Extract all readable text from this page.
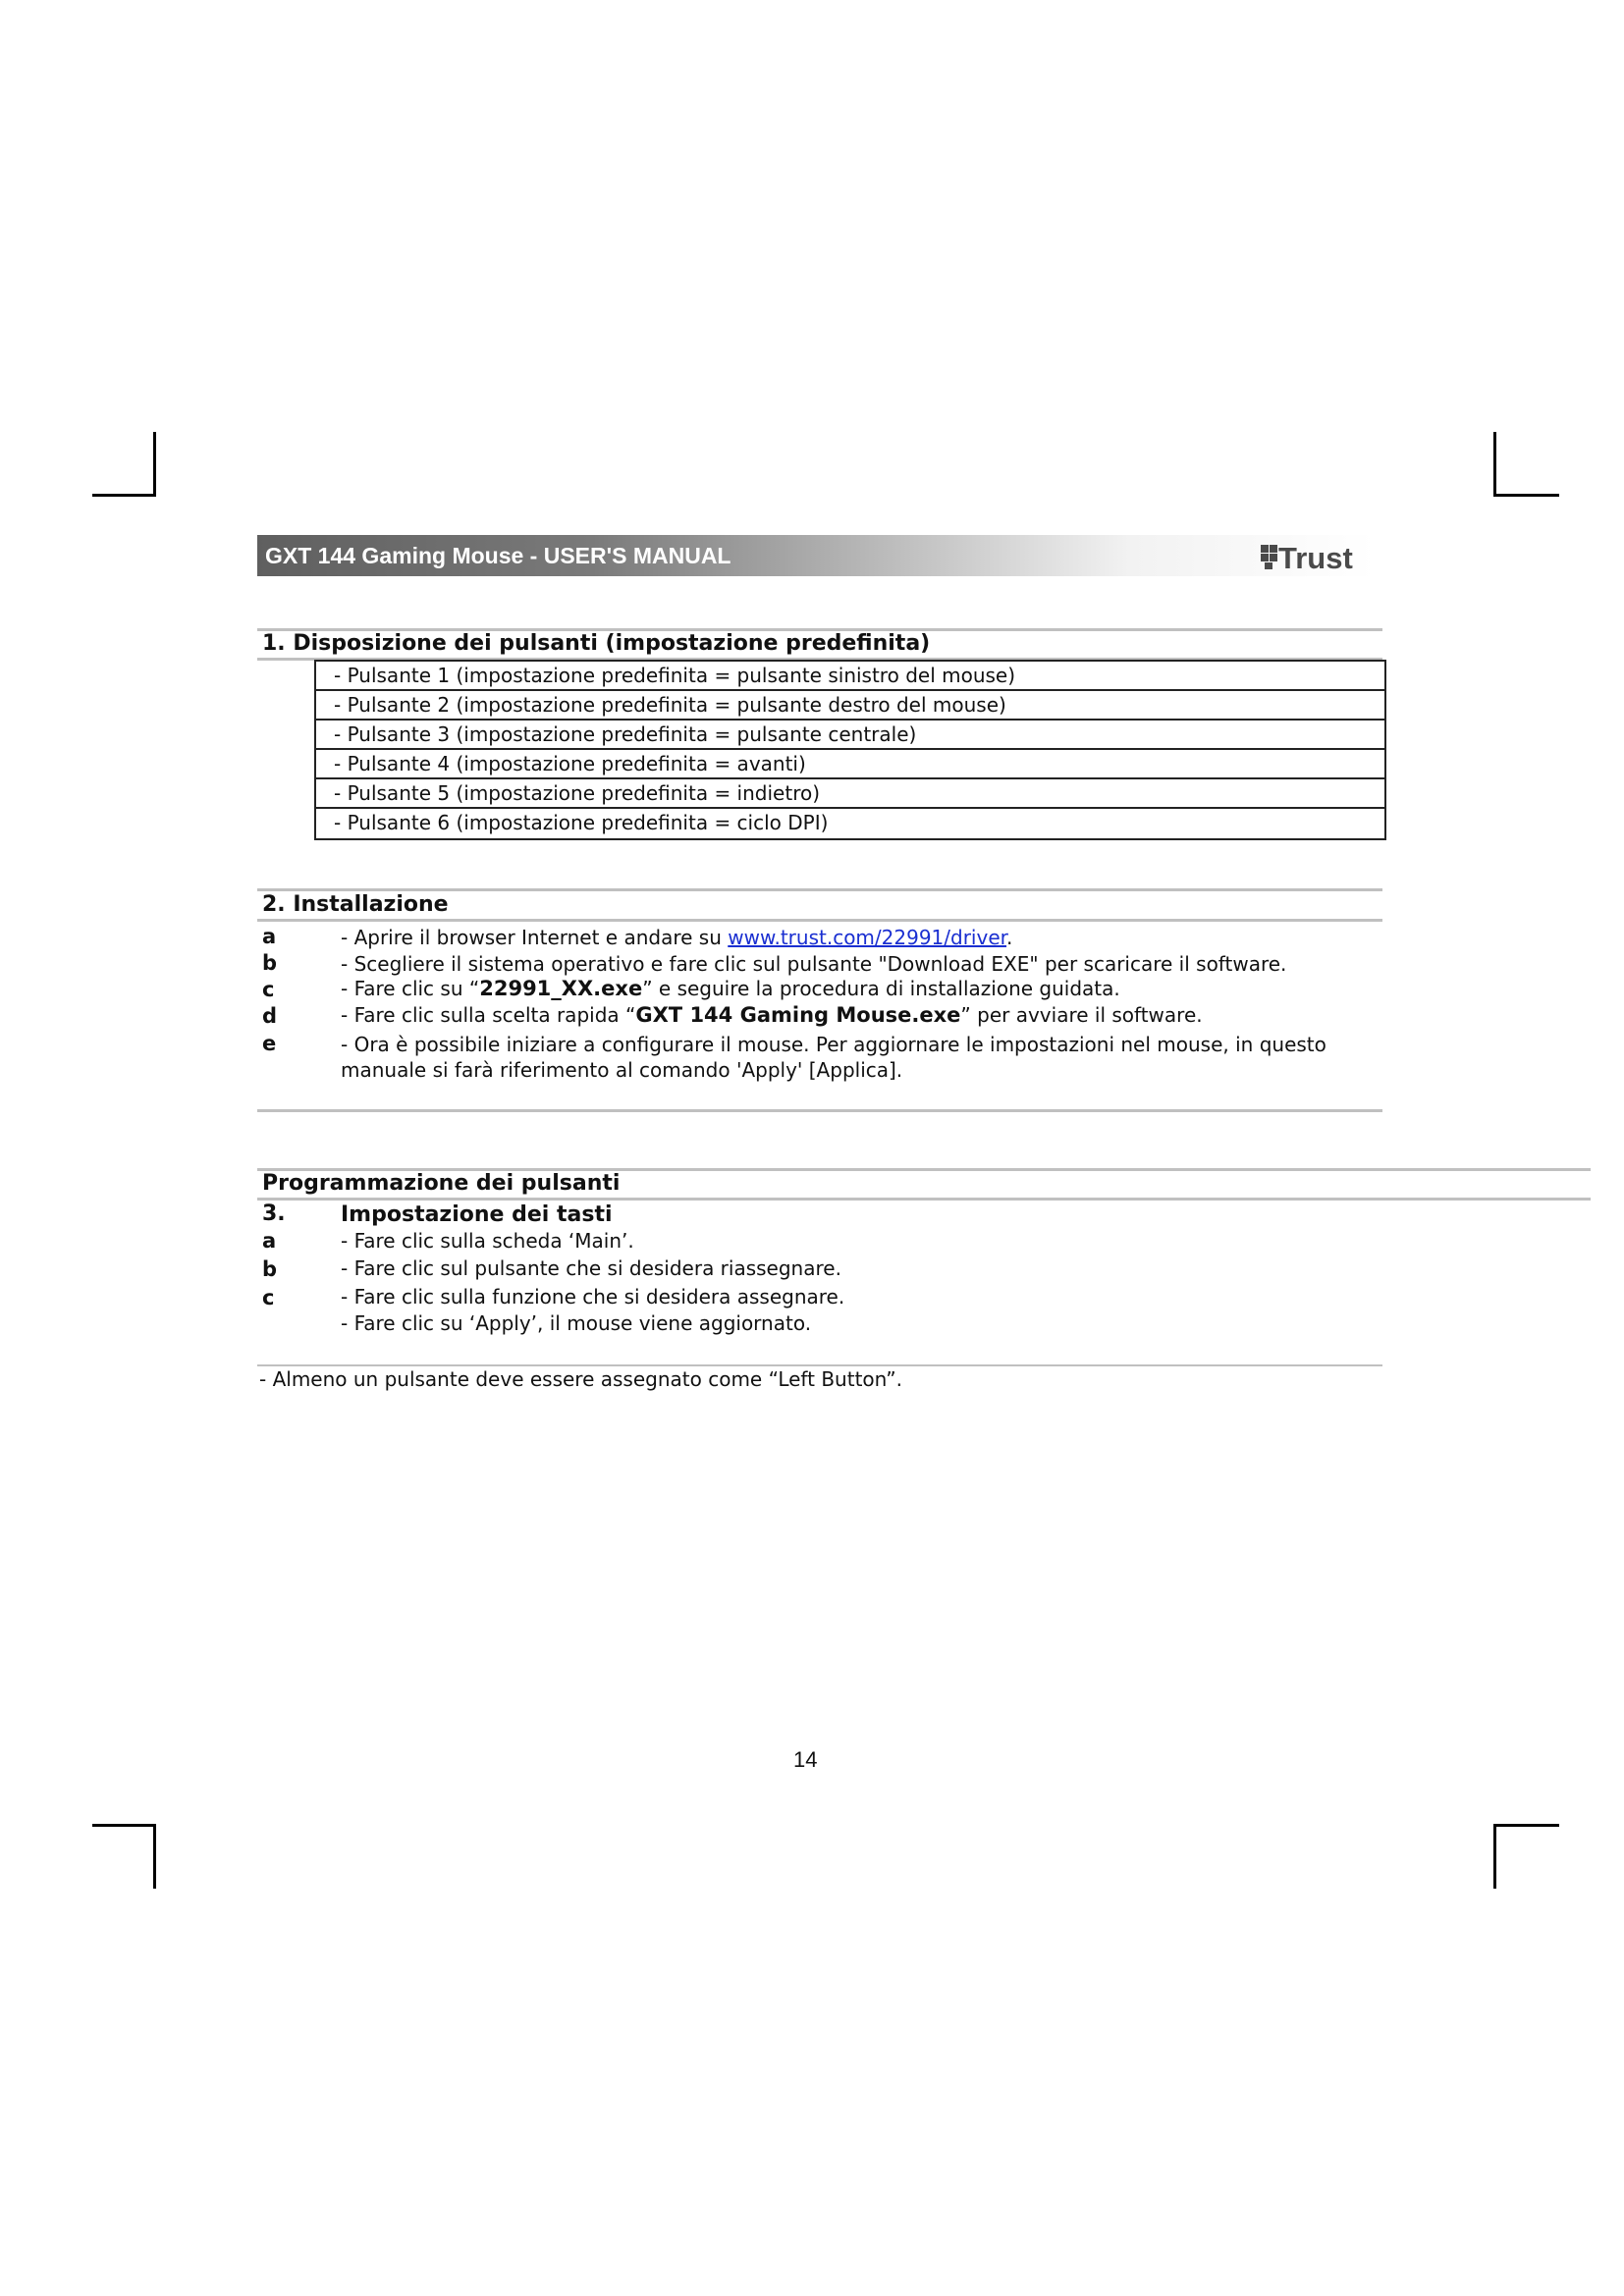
GXT 144 Gaming Mouse - USER'S MANUAL	Trust
1. Disposizione dei pulsanti (impostazione predefinita)
- Pulsante 1 (impostazione predefinita = pulsante sinistro del mouse)
- Pulsante 2 (impostazione predefinita = pulsante destro del mouse)
- Pulsante 3 (impostazione predefinita = pulsante centrale)
- Pulsante 4 (impostazione predefinita = avanti)
- Pulsante 5 (impostazione predefinita = indietro)
- Pulsante 6 (impostazione predefinita = ciclo DPI)
2. Installazione
a	- Aprire il browser Internet e andare su www.trust.com/22991/driver.
b	- Scegliere il sistema operativo e fare clic sul pulsante "Download EXE" per scaricare il software.
c	- Fare clic su “22991_XX.exe” e seguire la procedura di installazione guidata.
d	- Fare clic sulla scelta rapida “GXT 144 Gaming Mouse.exe” per avviare il software.
e	- Ora è possibile iniziare a configurare il mouse. Per aggiornare le impostazioni nel mouse, in questo
manuale si farà riferimento al comando 'Apply' [Applica].
Programmazione dei pulsanti
3.	Impostazione dei tasti
a	- Fare clic sulla scheda ‘Main’.
b	- Fare clic sul pulsante che si desidera riassegnare.
c	- Fare clic sulla funzione che si desidera assegnare.
- Fare clic su ‘Apply’, il mouse viene aggiornato.
- Almeno un pulsante deve essere assegnato come “Left Button”.
14
